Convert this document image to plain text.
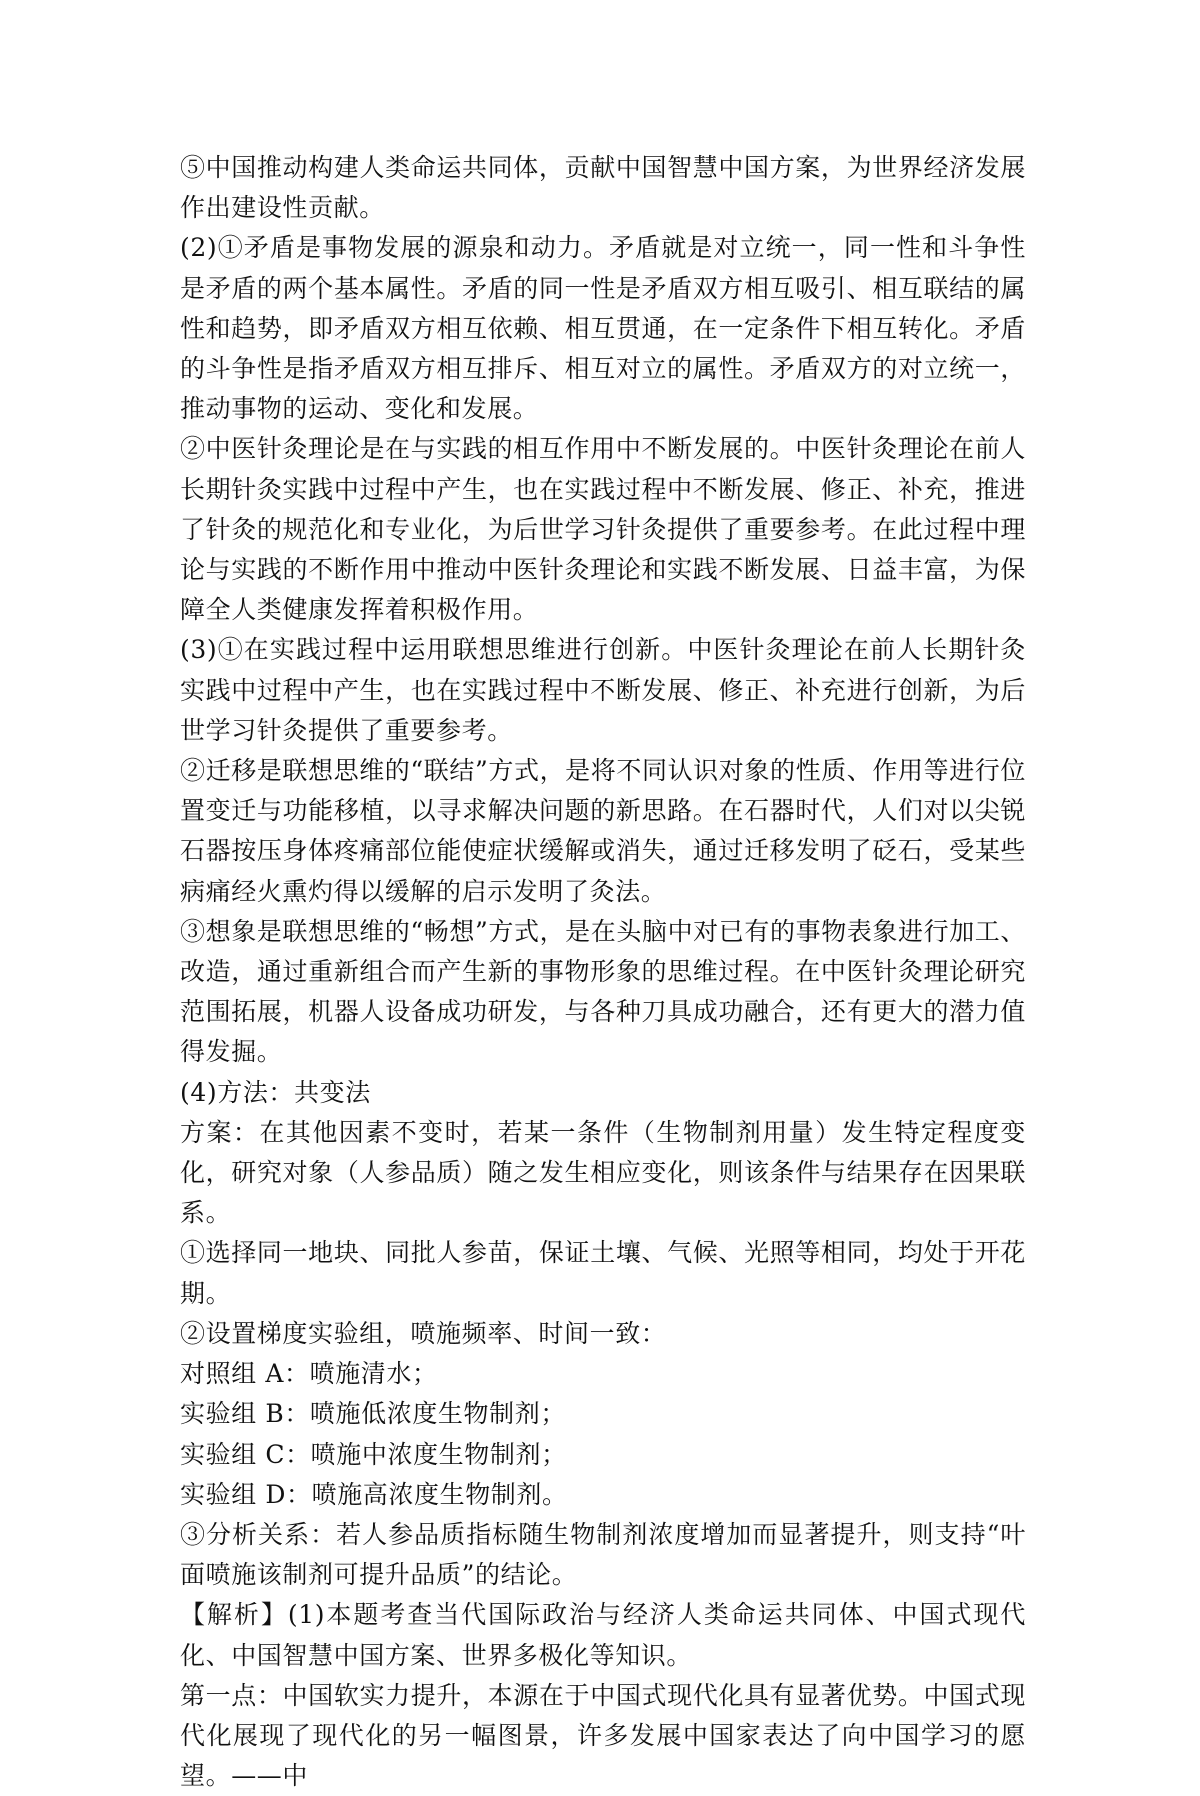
⑤中国推动构建人类命运共同体，贡献中国智慧中国方案，为世界经济发展作出建设性贡献。

(2)①矛盾是事物发展的源泉和动力。矛盾就是对立统一，同一性和斗争性是矛盾的两个基本属性。矛盾的同一性是矛盾双方相互吸引、相互联结的属性和趋势，即矛盾双方相互依赖、相互贯通，在一定条件下相互转化。矛盾的斗争性是指矛盾双方相互排斥、相互对立的属性。矛盾双方的对立统一，推动事物的运动、变化和发展。

②中医针灸理论是在与实践的相互作用中不断发展的。中医针灸理论在前人长期针灸实践中过程中产生，也在实践过程中不断发展、修正、补充，推进了针灸的规范化和专业化，为后世学习针灸提供了重要参考。在此过程中理论与实践的不断作用中推动中医针灸理论和实践不断发展、日益丰富，为保障全人类健康发挥着积极作用。

(3)①在实践过程中运用联想思维进行创新。中医针灸理论在前人长期针灸实践中过程中产生，也在实践过程中不断发展、修正、补充进行创新，为后世学习针灸提供了重要参考。

②迁移是联想思维的“联结”方式，是将不同认识对象的性质、作用等进行位置变迁与功能移植，以寻求解决问题的新思路。在石器时代，人们对以尖锐石器按压身体疼痛部位能使症状缓解或消失，通过迁移发明了砭石，受某些病痛经火熏灼得以缓解的启示发明了灸法。

③想象是联想思维的“畅想”方式，是在头脑中对已有的事物表象进行加工、改造，通过重新组合而产生新的事物形象的思维过程。在中医针灸理论研究范围拓展，机器人设备成功研发，与各种刀具成功融合，还有更大的潜力值得发掘。

(4)方法：共变法

方案：在其他因素不变时，若某一条件（生物制剂用量）发生特定程度变化，研究对象（人参品质）随之发生相应变化，则该条件与结果存在因果联系。

①选择同一地块、同批人参苗，保证土壤、气候、光照等相同，均处于开花期。

②设置梯度实验组，喷施频率、时间一致：

对照组 A：喷施清水；

实验组 B：喷施低浓度生物制剂；

实验组 C：喷施中浓度生物制剂；

实验组 D：喷施高浓度生物制剂。

③分析关系：若人参品质指标随生物制剂浓度增加而显著提升，则支持“叶面喷施该制剂可提升品质”的结论。

【解析】(1)本题考查当代国际政治与经济人类命运共同体、中国式现代化、中国智慧中国方案、世界多极化等知识。

第一点：中国软实力提升，本源在于中国式现代化具有显著优势。中国式现代化展现了现代化的另一幅图景，许多发展中国家表达了向中国学习的愿望。——中
